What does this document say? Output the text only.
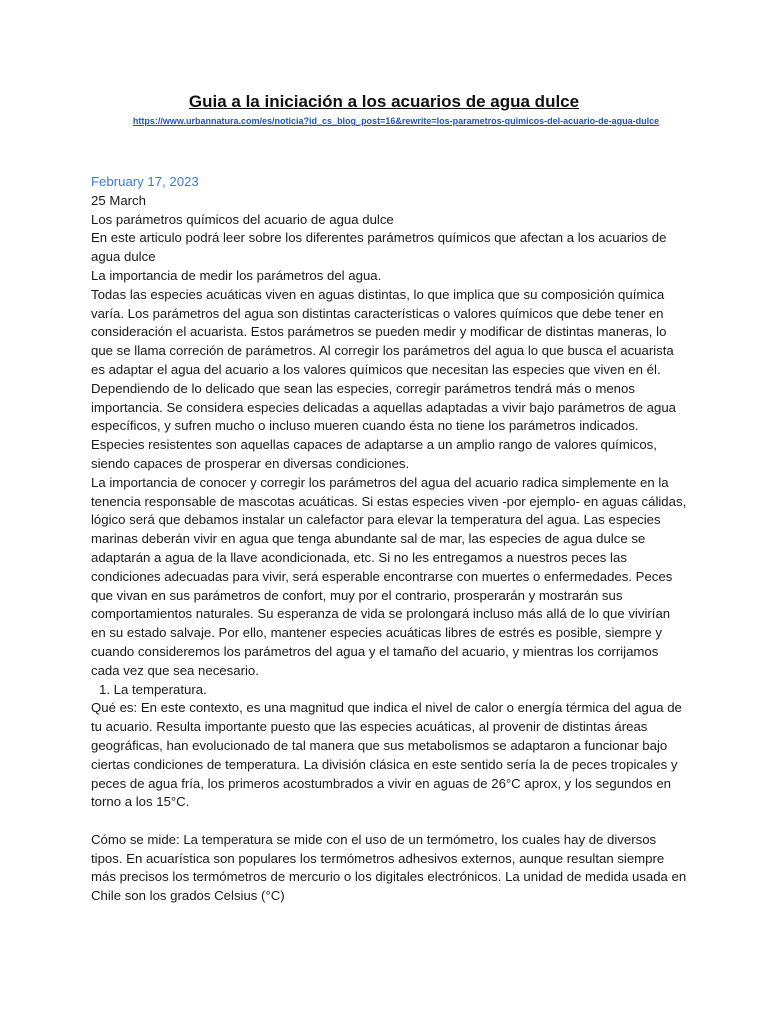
Guia a la iniciación a los acuarios de agua dulce
https://www.urbannatura.com/es/noticia?id_cs_blog_post=16&rewrite=los-parametros-quimicos-del-acuario-de-agua-dulce

February 17, 2023

25 March

Los parámetros químicos del acuario de agua dulce

En este articulo podrá leer sobre los diferentes parámetros químicos que afectan a los acuarios de agua dulce

La importancia de medir los parámetros del agua.

Todas las especies acuáticas viven en aguas distintas, lo que implica que su composición química varía. Los parámetros del agua son distintas características o valores químicos que debe tener en consideración el acuarista. Estos parámetros se pueden medir y modificar de distintas maneras, lo que se llama correción de parámetros. Al corregir los parámetros del agua lo que busca el acuarista es adaptar el agua del acuario a los valores químicos que necesitan las especies que viven en él.

Dependiendo de lo delicado que sean las especies, corregir parámetros tendrá más o menos importancia. Se considera especies delicadas a aquellas adaptadas a vivir bajo parámetros de agua específicos, y sufren mucho o incluso mueren cuando ésta no tiene los parámetros indicados. Especies resistentes son aquellas capaces de adaptarse a un amplio rango de valores químicos, siendo capaces de prosperar en diversas condiciones.

La importancia de conocer y corregir los parámetros del agua del acuario radica simplemente en la tenencia responsable de mascotas acuáticas. Si estas especies viven -por ejemplo- en aguas cálidas, lógico será que debamos instalar un calefactor para elevar la temperatura del agua. Las especies marinas deberán vivir en agua que tenga abundante sal de mar, las especies de agua dulce se adaptarán a agua de la llave acondicionada, etc. Si no les entregamos a nuestros peces las condiciones adecuadas para vivir, será esperable encontrarse con muertes o enfermedades. Peces que vivan en sus parámetros de confort, muy por el contrario, prosperarán y mostrarán sus comportamientos naturales. Su esperanza de vida se prolongará incluso más allá de lo que vivirían en su estado salvaje. Por ello, mantener especies acuáticas libres de estrés es posible, siempre y cuando consideremos los parámetros del agua y el tamaño del acuario, y mientras los corrijamos cada vez que sea necesario.

1. La temperatura.

Qué es: En este contexto, es una magnitud que indica el nivel de calor o energía térmica del agua de tu acuario. Resulta importante puesto que las especies acuáticas, al provenir de distintas áreas geográficas, han evolucionado de tal manera que sus metabolismos se adaptaron a funcionar bajo ciertas condiciones de temperatura. La división clásica en este sentido sería la de peces tropicales y peces de agua fría, los primeros acostumbrados a vivir en aguas de 26°C aprox, y los segundos en torno a los 15°C.

Cómo se mide: La temperatura se mide con el uso de un termómetro, los cuales hay de diversos tipos. En acuarística son populares los termómetros adhesivos externos, aunque resultan siempre más precisos los termómetros de mercurio o los digitales electrónicos. La unidad de medida usada en Chile son los grados Celsius (°C)
